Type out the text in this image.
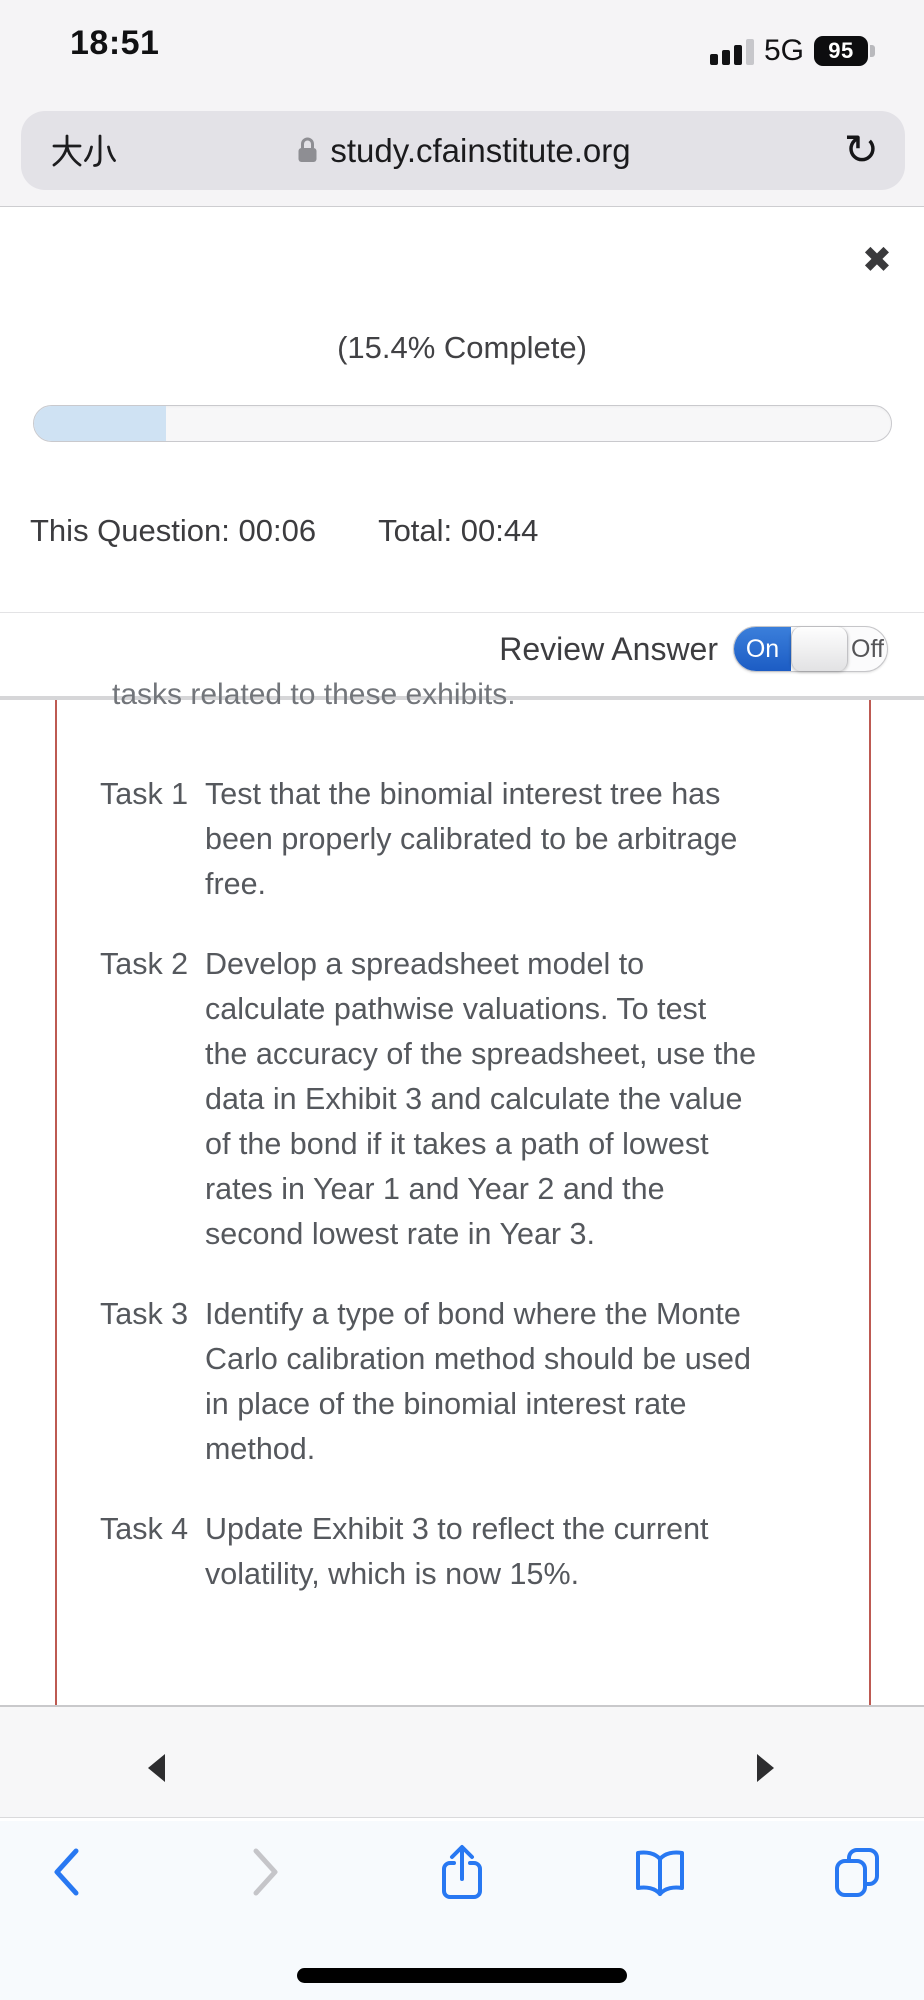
18:51	5G 95
study.cfainstitute.org	↻
✖
(15.4% Complete)
This Question: 00:06 Total: 00:44
Review Answer	On	Off
tasks related to these exhibits.
Task 1 Test that the binomial interest tree has
been properly calibrated to be arbitrage
free.
Task 2 Develop a spreadsheet model to
calculate pathwise valuations. To test
the accuracy of the spreadsheet, use the
data in Exhibit 3 and calculate the value
of the bond if it takes a path of lowest
rates in Year 1 and Year 2 and the
second lowest rate in Year 3.
Task 3 Identify a type of bond where the Monte
Carlo calibration method should be used
in place of the binomial interest rate
method.
Task 4 Update Exhibit 3 to reflect the current
volatility, which is now 15%.
